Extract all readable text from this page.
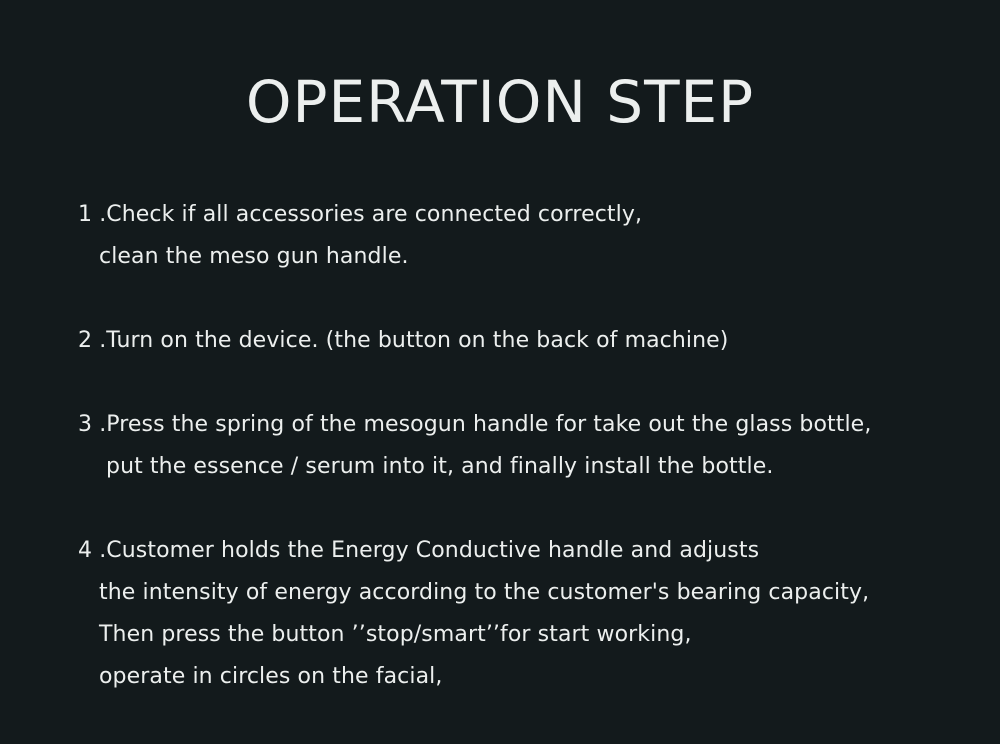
OPERATION STEP
1 .Check if all accessories are connected correctly,
clean the meso gun handle.
2 .Turn on the device. (the button on the back of machine)
3 .Press the spring of the mesogun handle for take out the glass bottle,
put the essence / serum into it, and finally install the bottle.
4 .Customer holds the Energy Conductive handle and adjusts
the intensity of energy according to the customer's bearing capacity,
Then press the button ’’stop/smart’’for start working,
operate in circles on the facial,
